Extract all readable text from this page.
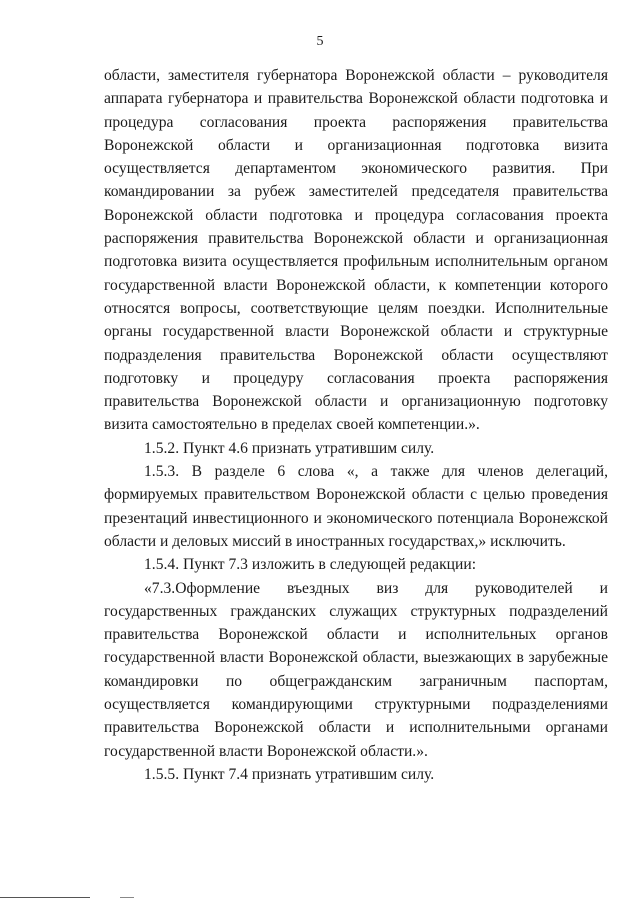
5

области, заместителя губернатора Воронежской области – руководителя аппарата губернатора и правительства Воронежской области подготовка и процедура согласования проекта распоряжения правительства Воронежской области и организационная подготовка визита осуществляется департаментом экономического развития. При командировании за рубеж заместителей председателя правительства Воронежской области подготовка и процедура согласования проекта распоряжения правительства Воронежской области и организационная подготовка визита осуществляется профильным исполнительным органом государственной власти Воронежской области, к компетенции которого относятся вопросы, соответствующие целям поездки. Исполнительные органы государственной власти Воронежской области и структурные подразделения правительства Воронежской области осуществляют подготовку и процедуру согласования проекта распоряжения правительства Воронежской области и организационную подготовку визита самостоятельно в пределах своей компетенции.».

1.5.2. Пункт 4.6 признать утратившим силу.

1.5.3. В разделе 6 слова «, а также для членов делегаций, формируемых правительством Воронежской области с целью проведения презентаций инвестиционного и экономического потенциала Воронежской области и деловых миссий в иностранных государствах,» исключить.

1.5.4. Пункт 7.3 изложить в следующей редакции:

«7.3.Оформление въездных виз для руководителей и государственных гражданских служащих структурных подразделений правительства Воронежской области и исполнительных органов государственной власти Воронежской области, выезжающих в зарубежные командировки по общегражданским заграничным паспортам, осуществляется командирующими структурными подразделениями правительства Воронежской области и исполнительными органами государственной власти Воронежской области.».

1.5.5. Пункт 7.4 признать утратившим силу.
